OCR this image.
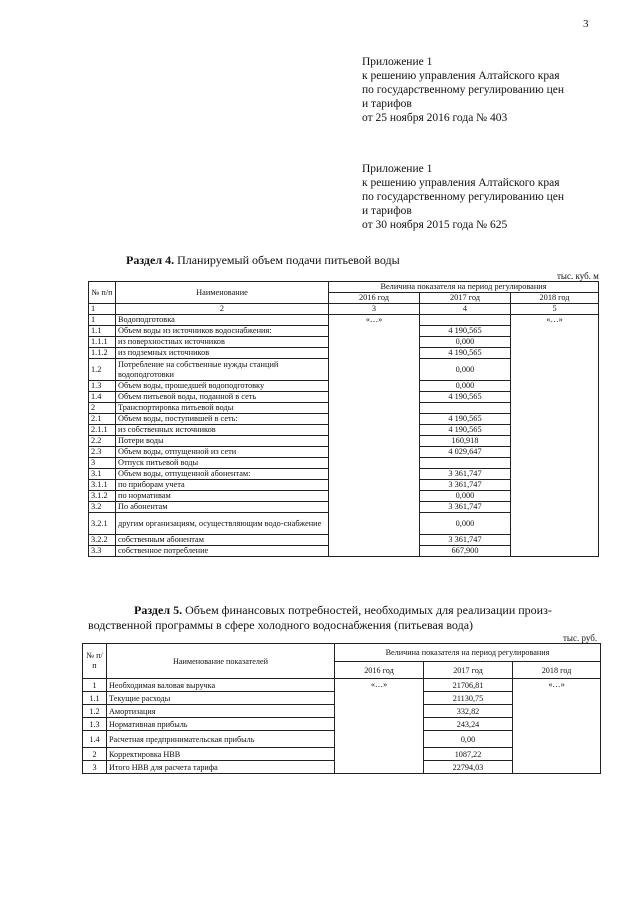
3
Приложение 1
к решению управления Алтайского края
по государственному регулированию цен
и тарифов
от 25 ноября 2016 года № 403
Приложение 1
к решению управления Алтайского края
по государственному регулированию цен
и тарифов
от 30 ноября 2015 года № 625
Раздел 4. Планируемый объем подачи питьевой воды
тыс. куб. м
№ п/п	Наименование	Величина показателя на период регулирования		
		2016 год	2017 год	2018 год
1	2	3	4	5
1	Водоподготовка	«…»		«…»
1.1	Объем воды из источников водоснабжения:		4 190,565	
1.1.1	из поверхностных источников		0,000	
1.1.2	из подземных источников		4 190,565	
1.2	Потребление на собственные нужды станций водоподготовки		0,000	
1.3	Объем воды, прошедшей водоподготовку		0,000	
1.4	Объем питьевой воды, поданной в сеть		4 190,565	
2	Транспортировка питьевой воды			
2.1	Объем воды, поступившей в сеть:		4 190,565	
2.1.1	из собственных источников		4 190,565	
2.2	Потери воды		160,918	
2.3	Объем воды, отпущенной из сети		4 029,647	
3	Отпуск питьевой воды			
3.1	Объем воды, отпущенной абонентам:		3 361,747	
3.1.1	по приборам учета		3 361,747	
3.1.2	по нормативам		0,000	
3.2	По абонентам		3 361,747	
3.2.1	другим организациям, осуществляющим водо-снабжение		0,000	
3.2.2	собственным абонентам		3 361,747	
3.3	собственное потребление		667,900	
Раздел 5. Объем финансовых потребностей, необходимых для реализации произ-
водственной программы в сфере холодного водоснабжения (питьевая вода)
тыс. руб.
№ п/ п	Наименование показателей	Величина показателя на период регулирования		
		2016 год	2017 год	2018 год
1	Необходимая валовая выручка	«…»	21706,81	«…»
1.1	Текущие расходы		21130,75	
1.2	Амортизация		332,82	
1.3	Нормативная прибыль		243,24	
1.4	Расчетная предпринимательская прибыль		0,00	
2	Корректировка НВВ		1087,22	
3	Итого НВВ для расчета тарифа		22794,03	
